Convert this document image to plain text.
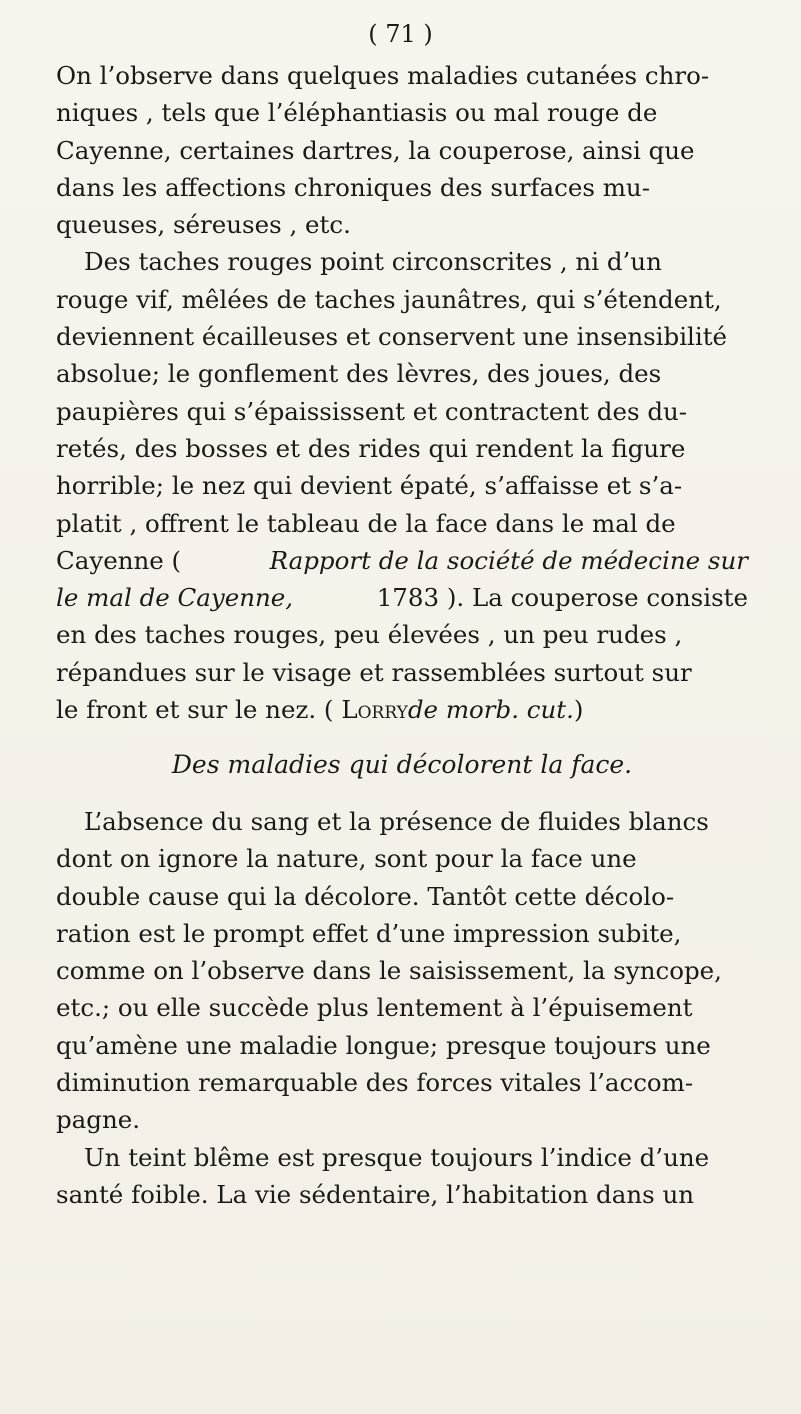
( 71 )
On l’observe dans quelques maladies cutanées chro-
niques , tels que l’éléphantiasis ou mal rouge de
Cayenne, certaines dartres, la couperose, ainsi que
dans les affections chroniques des surfaces mu-
queuses, séreuses , etc.
Des taches rouges point circonscrites , ni d’un
rouge vif, mêlées de taches jaunâtres, qui s’étendent,
deviennent écailleuses et conservent une insensibilité
absolue; le gonflement des lèvres, des joues, des
paupières qui s’épaississent et contractent des du-
retés, des bosses et des rides qui rendent la figure
horrible; le nez qui devient épaté, s’affaisse et s’a-
platit , offrent le tableau de la face dans le mal de
Cayenne (	Rapport de la société de médecine sur
le mal de Cayenne,	1783 ). La couperose consiste
en des taches rouges, peu élevées , un peu rudes ,
répandues sur le visage et rassemblées surtout sur
le front et sur le nez. ( Lorry de morb. cut. )
Des maladies qui décolorent la face.
L’absence du sang et la présence de fluides blancs
dont on ignore la nature, sont pour la face une
double cause qui la décolore. Tantôt cette décolo-
ration est le prompt effet d’une impression subite,
comme on l’observe dans le saisissement, la syncope,
etc.; ou elle succède plus lentement à l’épuisement
qu’amène une maladie longue; presque toujours une
diminution remarquable des forces vitales l’accom-
pagne.
Un teint blême est presque toujours l’indice d’une
santé foible. La vie sédentaire, l’habitation dans un
